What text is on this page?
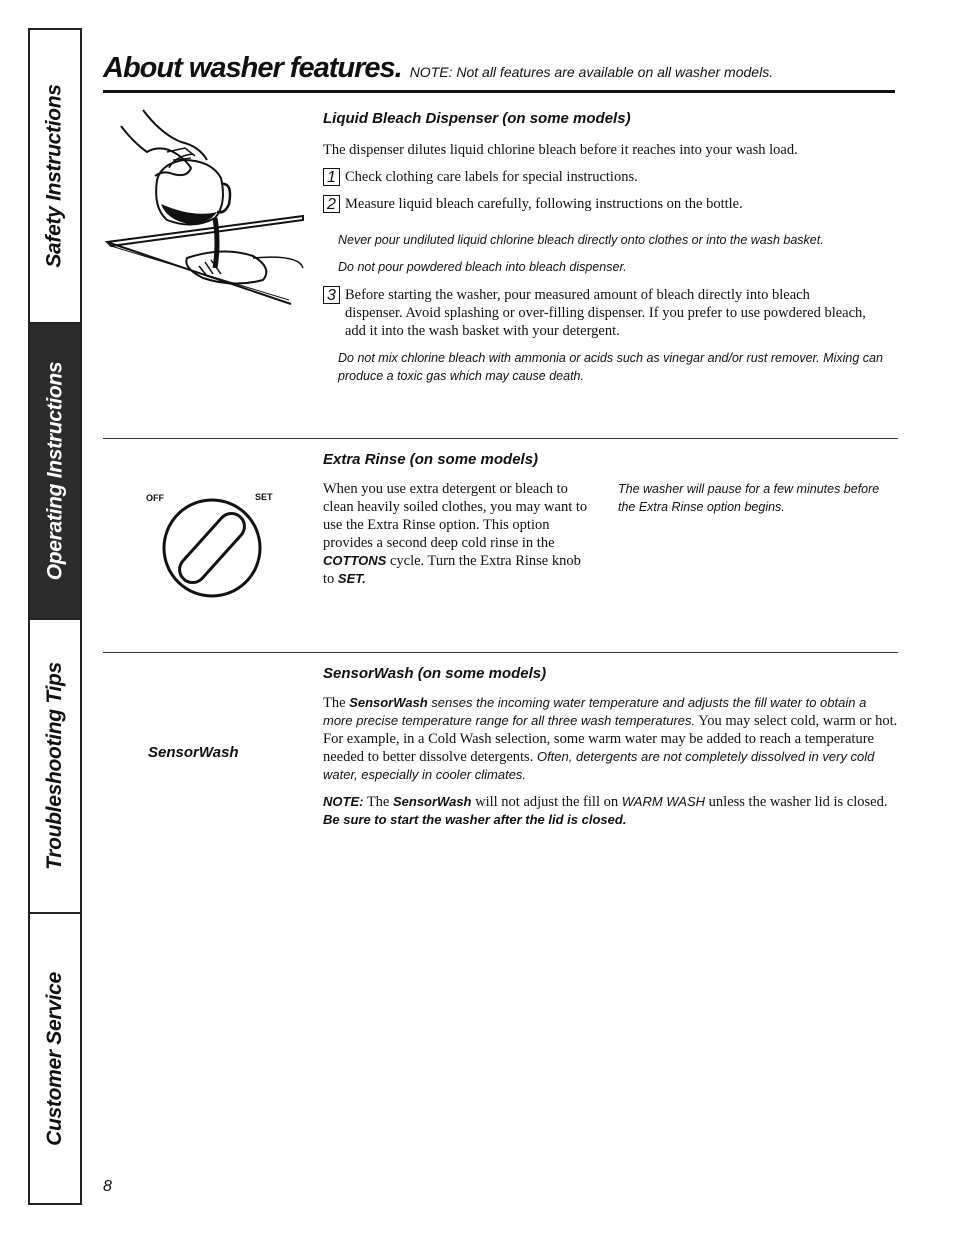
Safety Instructions
Operating Instructions
Troubleshooting Tips
Customer Service
About washer features. NOTE: Not all features are available on all washer models.
Liquid Bleach Dispenser (on some models)
The dispenser dilutes liquid chlorine bleach before it reaches into your wash load.
1 Check clothing care labels for special instructions.
2 Measure liquid bleach carefully, following instructions on the bottle.
Never pour undiluted liquid chlorine bleach directly onto clothes or into the wash basket.
Do not pour powdered bleach into bleach dispenser.
3 Before starting the washer, pour measured amount of bleach directly into bleach dispenser. Avoid splashing or over-filling dispenser. If you prefer to use powdered bleach, add it into the wash basket with your detergent.
Do not mix chlorine bleach with ammonia or acids such as vinegar and/or rust remover. Mixing can produce a toxic gas which may cause death.
OFF	SET
Extra Rinse (on some models)
When you use extra detergent or bleach to clean heavily soiled clothes, you may want to use the Extra Rinse option. This option provides a second deep cold rinse in the COTTONS cycle. Turn the Extra Rinse knob to SET.
The washer will pause for a few minutes before the Extra Rinse option begins.
SensorWash
SensorWash (on some models)
The SensorWash senses the incoming water temperature and adjusts the fill water to obtain a more precise temperature range for all three wash temperatures. You may select cold, warm or hot. For example, in a Cold Wash selection, some warm water may be added to reach a temperature needed to better dissolve detergents. Often, detergents are not completely dissolved in very cold water, especially in cooler climates.
NOTE: The SensorWash will not adjust the fill on WARM WASH unless the washer lid is closed. Be sure to start the washer after the lid is closed.
8
